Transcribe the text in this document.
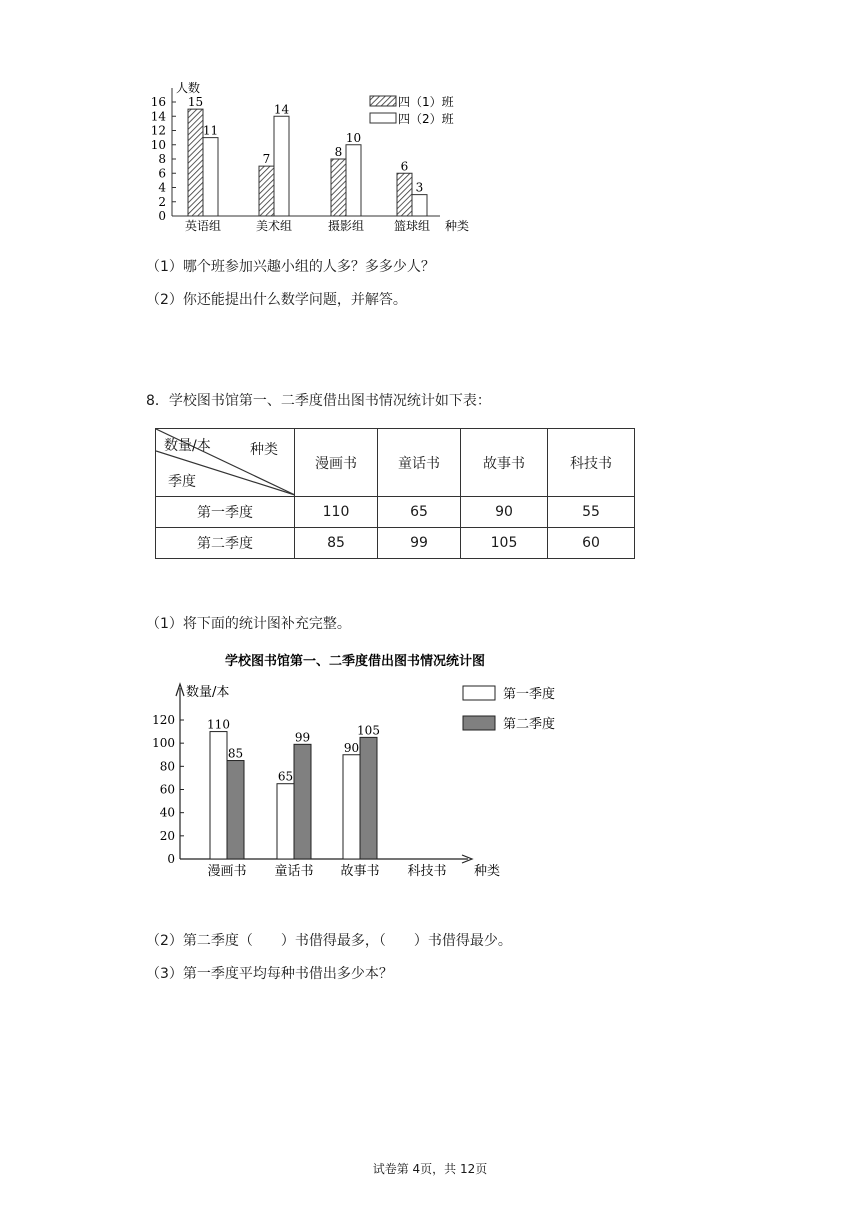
人数
0
2
4
6
8
10
12
14
16 15
11
英语组
7
14
美术组
8
10
摄影组
6
3
篮球组 种类
四（1）班
四（2）班
（1）哪个班参加兴趣小组的人多？多多少人？
（2）你还能提出什么数学问题，并解答。
8．学校图书馆第一、二季度借出图书情况统计如下表：
数量/本 种类
季度	漫画书	童话书	故事书	科技书
第一季度	110	65	90	55
第二季度	85	99	105	60
（1）将下面的统计图补充完整。
学校图书馆第一、二季度借出图书情况统计图
数量/本
0
20
40
60
80
100
120	110
85
漫画书
65
99
童话书
90
105
故事书 科技书 种类
第一季度
第二季度
（2）第二季度（　　）书借得最多，（　　）书借得最少。
（3）第一季度平均每种书借出多少本？
试卷第 4页，共 12页
